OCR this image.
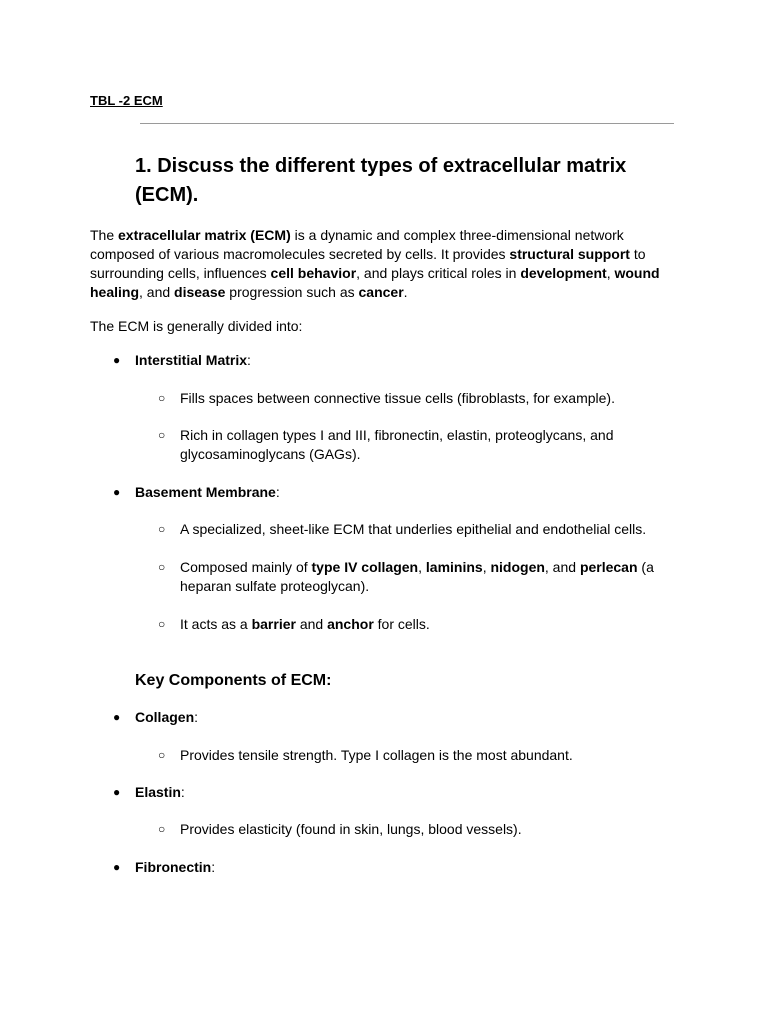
TBL -2 ECM
1. Discuss the different types of extracellular matrix
(ECM).
The extracellular matrix (ECM) is a dynamic and complex three-dimensional network composed of various macromolecules secreted by cells. It provides structural support to surrounding cells, influences cell behavior, and plays critical roles in development, wound healing, and disease progression such as cancer.
The ECM is generally divided into:
● Interstitial Matrix:
○ Fills spaces between connective tissue cells (fibroblasts, for example).
○ Rich in collagen types I and III, fibronectin, elastin, proteoglycans, and glycosaminoglycans (GAGs).
● Basement Membrane:
○ A specialized, sheet-like ECM that underlies epithelial and endothelial cells.
○ Composed mainly of type IV collagen, laminins, nidogen, and perlecan (a heparan sulfate proteoglycan).
○ It acts as a barrier and anchor for cells.
Key Components of ECM:
● Collagen:
○ Provides tensile strength. Type I collagen is the most abundant.
● Elastin:
○ Provides elasticity (found in skin, lungs, blood vessels).
● Fibronectin:
